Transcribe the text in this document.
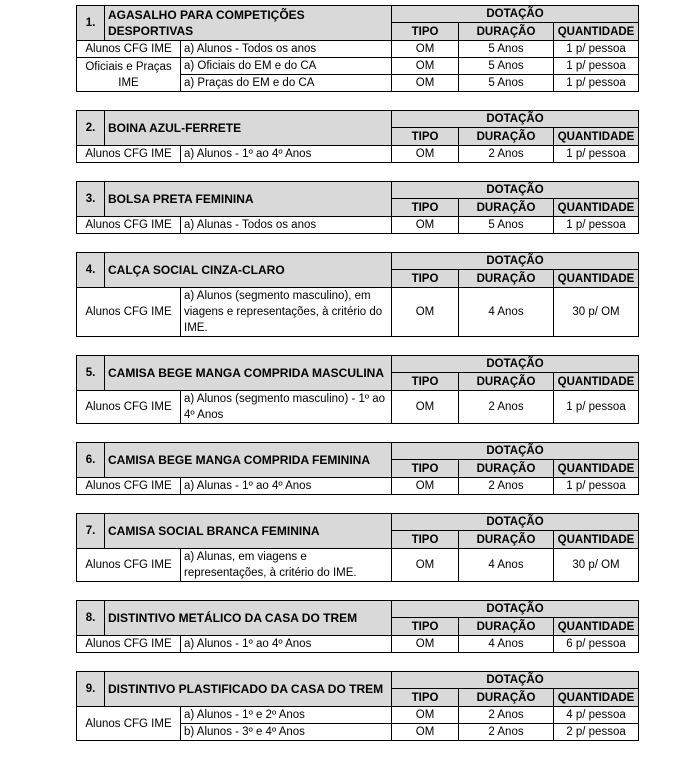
1.	AGASALHO PARA COMPETIÇÕES DESPORTIVAS		DOTAÇÃO		
			TIPO	DURAÇÃO	QUANTIDADE
Alunos CFG IME		a) Alunos - Todos os anos	OM	5 Anos	1 p/ pessoa
Oficiais e Praças IME		a) Oficiais do EM e do CA	OM	5 Anos	1 p/ pessoa
		a) Praças do EM e do CA	OM	5 Anos	1 p/ pessoa
2.	BOINA AZUL-FERRETE		DOTAÇÃO		
			TIPO	DURAÇÃO	QUANTIDADE
Alunos CFG IME		a) Alunos - 1º ao 4º Anos	OM	2 Anos	1 p/ pessoa
3.	BOLSA PRETA FEMININA		DOTAÇÃO		
			TIPO	DURAÇÃO	QUANTIDADE
Alunos CFG IME		a) Alunas - Todos os anos	OM	5 Anos	1 p/ pessoa
4.	CALÇA SOCIAL CINZA-CLARO		DOTAÇÃO		
			TIPO	DURAÇÃO	QUANTIDADE
Alunos CFG IME		a) Alunos (segmento masculino), em viagens e representações, à critério do IME.	OM	4 Anos	30 p/ OM
5.	CAMISA BEGE MANGA COMPRIDA MASCULINA		DOTAÇÃO		
			TIPO	DURAÇÃO	QUANTIDADE
Alunos CFG IME		a) Alunos (segmento masculino) - 1º ao 4º Anos	OM	2 Anos	1 p/ pessoa
6.	CAMISA BEGE MANGA COMPRIDA FEMININA		DOTAÇÃO		
			TIPO	DURAÇÃO	QUANTIDADE
Alunos CFG IME		a) Alunas - 1º ao 4º Anos	OM	2 Anos	1 p/ pessoa
7.	CAMISA SOCIAL BRANCA FEMININA		DOTAÇÃO		
			TIPO	DURAÇÃO	QUANTIDADE
Alunos CFG IME		a) Alunas, em viagens e representações, à critério do IME.	OM	4 Anos	30 p/ OM
8.	DISTINTIVO METÁLICO DA CASA DO TREM		DOTAÇÃO		
			TIPO	DURAÇÃO	QUANTIDADE
Alunos CFG IME		a) Alunos - 1º ao 4º Anos	OM	4 Anos	6 p/ pessoa
9.	DISTINTIVO PLASTIFICADO DA CASA DO TREM		DOTAÇÃO		
			TIPO	DURAÇÃO	QUANTIDADE
Alunos CFG IME		a) Alunos - 1º e 2º Anos	OM	2 Anos	4 p/ pessoa
		b) Alunos - 3º e 4º Anos	OM	2 Anos	2 p/ pessoa
